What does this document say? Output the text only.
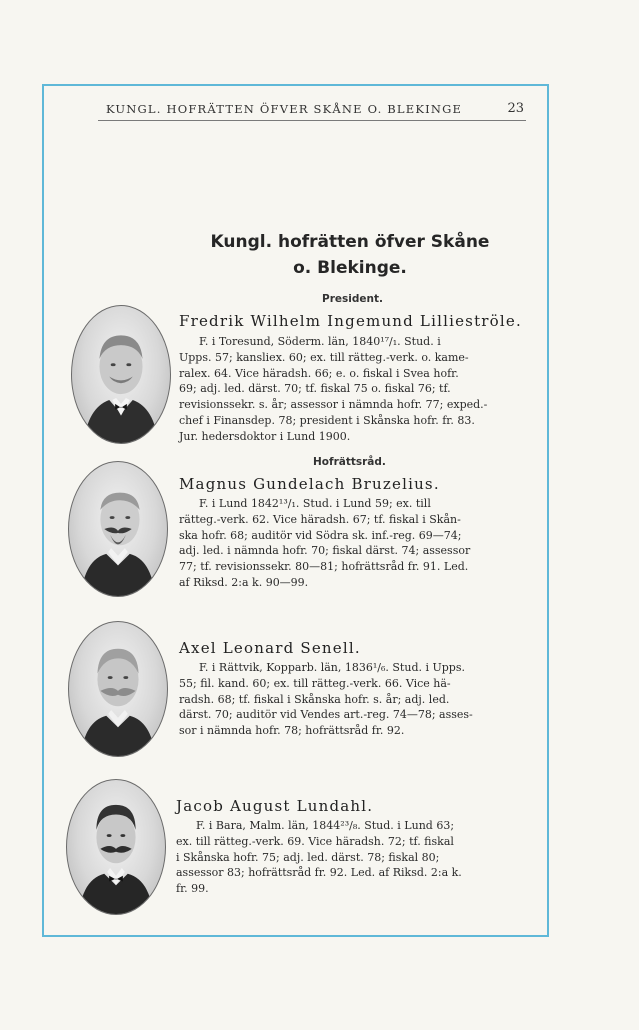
KUNGL. HOFRÄTTEN ÖFVER SKÅNE O. BLEKINGE	23
Kungl. hofrätten öfver Skåne
o. Blekinge.
President.
Hofrättsråd.
Fredrik Wilhelm Ingemund Lillieströle.
F. i Toresund, Söderm. län, 1840¹⁷/₁. Stud. i
Upps. 57; kansliex. 60; ex. till rätteg.-verk. o. kame-
ralex. 64. Vice häradsh. 66; e. o. fiskal i Svea hofr.
69; adj. led. därst. 70; tf. fiskal 75 o. fiskal 76; tf.
revisionssekr. s. år; assessor i nämnda hofr. 77; exped.-
chef i Finansdep. 78; president i Skånska hofr. fr. 83.
Jur. hedersdoktor i Lund 1900.
Magnus Gundelach Bruzelius.
F. i Lund 1842¹³/₁. Stud. i Lund 59; ex. till
rätteg.-verk. 62. Vice häradsh. 67; tf. fiskal i Skån-
ska hofr. 68; auditör vid Södra sk. inf.-reg. 69—74;
adj. led. i nämnda hofr. 70; fiskal därst. 74; assessor
77; tf. revisionssekr. 80—81; hofrättsråd fr. 91. Led.
af Riksd. 2:a k. 90—99.
Axel Leonard Senell.
F. i Rättvik, Kopparb. län, 1836¹/₆. Stud. i Upps.
55; fil. kand. 60; ex. till rätteg.-verk. 66. Vice hä-
radsh. 68; tf. fiskal i Skånska hofr. s. år; adj. led.
därst. 70; auditör vid Vendes art.-reg. 74—78; asses-
sor i nämnda hofr. 78; hofrättsråd fr. 92.
Jacob August Lundahl.
F. i Bara, Malm. län, 1844²³/₈. Stud. i Lund 63;
ex. till rätteg.-verk. 69. Vice häradsh. 72; tf. fiskal
i Skånska hofr. 75; adj. led. därst. 78; fiskal 80;
assessor 83; hofrättsråd fr. 92. Led. af Riksd. 2:a k.
fr. 99.
